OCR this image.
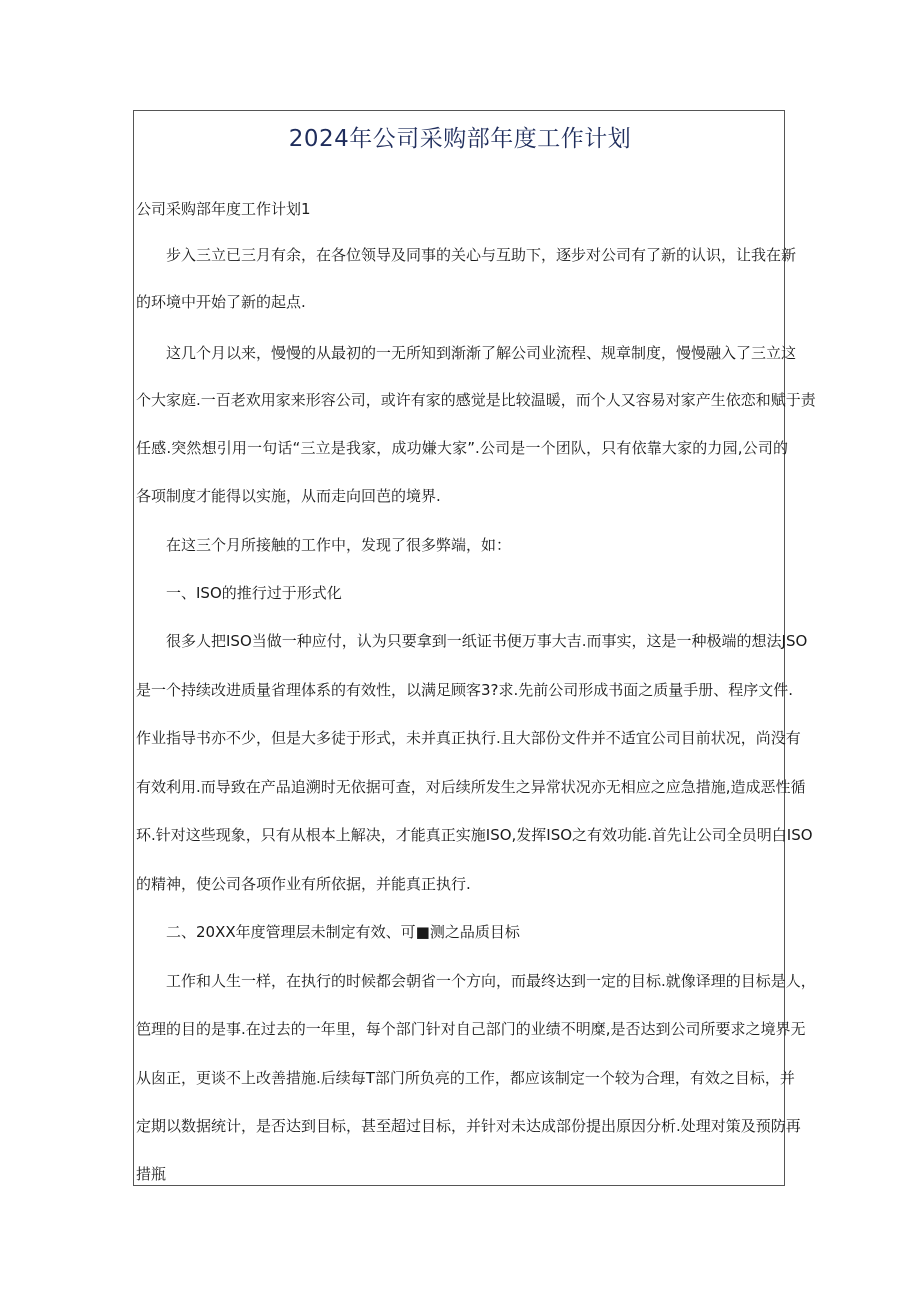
2024年公司采购部年度工作计划
公司采购部年度工作计划1
步入三立已三月有余，在各位领导及同事的关心与互助下，逐步对公司有了新的认识，让我在新
的环境中开始了新的起点.
这几个月以来，慢慢的从最初的一无所知到渐渐了解公司业流程、规章制度，慢慢融入了三立这
个大家庭.一百老欢用家来形容公司，或许有家的感觉是比较温暖，而个人又容易对家产生依恋和赋于责
任感.突然想引用一句话“三立是我家，成功嫌大家”.公司是一个团队，只有依靠大家的力园,公司的
各项制度才能得以实施，从而走向回芭的境界.
在这三个月所接触的工作中，发现了很多弊端，如：
一、ISO的推行过于形式化
很多人把ISO当做一种应付，认为只要拿到一纸证书便万事大吉.而事实，这是一种极端的想法JSO
是一个持续改进质量省理体系的有效性，以满足顾客3?求.先前公司形成书面之质量手册、程序文件.
作业指导书亦不少，但是大多徒于形式，未并真正执行.且大部份文件并不适宜公司目前状况，尚没有
有效利用.而导致在产品追溯时无依据可查，对后续所发生之异常状况亦无相应之应急措施,造成恶性循
环.针对这些现象，只有从根本上解决，才能真正实施ISO,发挥ISO之有效功能.首先让公司全员明白ISO
的精神，使公司各项作业有所依据，并能真正执行.
二、20XX年度管理层未制定有效、可■测之品质目标
工作和人生一样，在执行的时候都会朝省一个方向，而最终达到一定的目标.就像译理的目标是人，
笆理的目的是事.在过去的一年里，每个部门针对自己部门的业绩不明糜,是否达到公司所要求之境界无
从囱正，更谈不上改善措施.后续每T部门所负亮的工作，都应该制定一个较为合理，有效之目标，并
定期以数据统计，是否达到目标，甚至超过目标，并针对未达成部份提出原因分析.处理对策及预防再
措瓶
